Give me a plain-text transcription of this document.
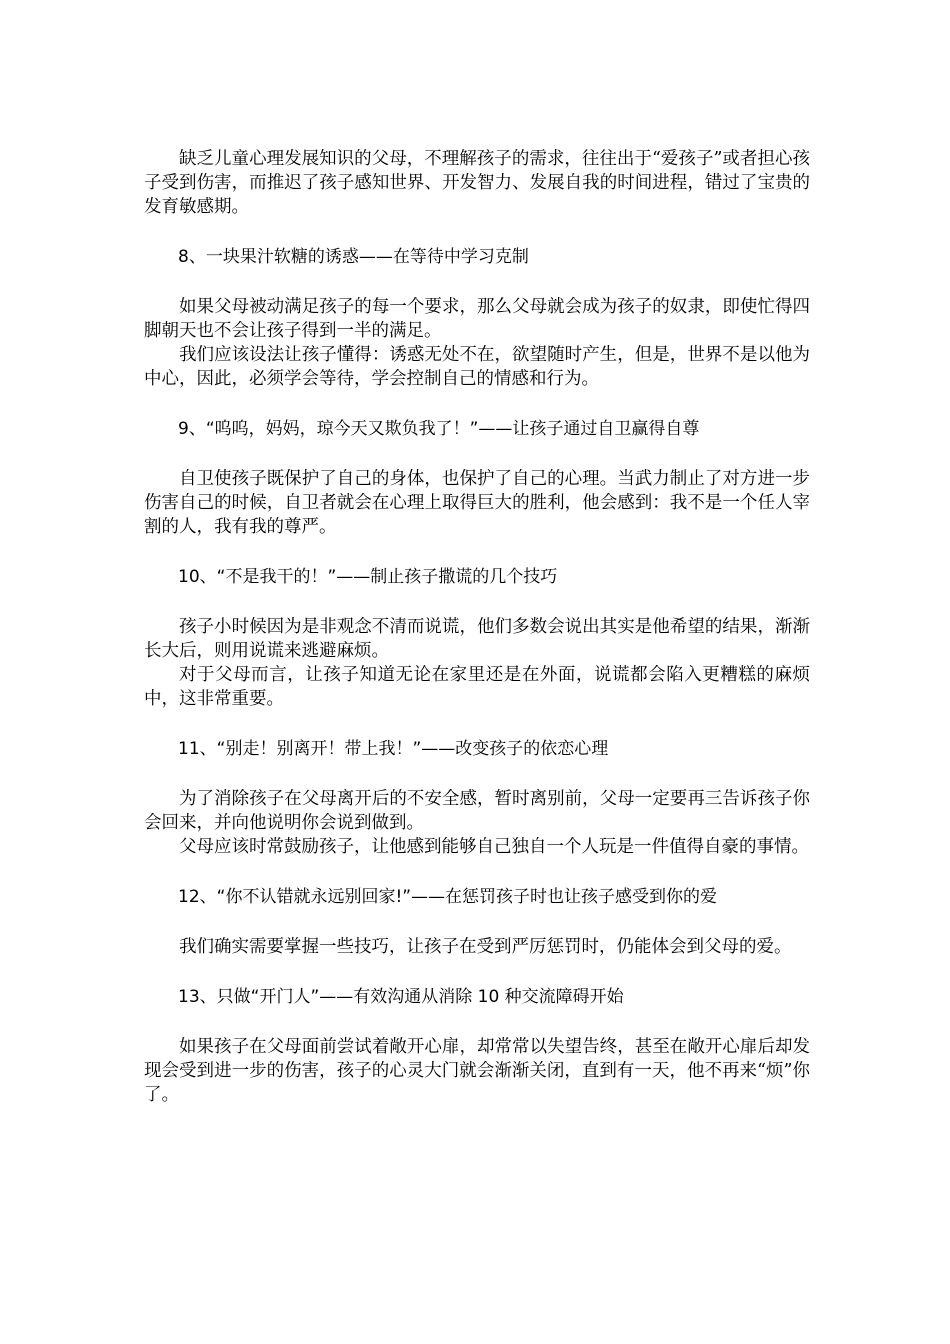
缺乏儿童心理发展知识的父母，不理解孩子的需求，往往出于“爱孩子”或者担心孩子受到伤害，而推迟了孩子感知世界、开发智力、发展自我的时间进程，错过了宝贵的发育敏感期。

8、一块果汁软糖的诱惑——在等待中学习克制

如果父母被动满足孩子的每一个要求，那么父母就会成为孩子的奴隶，即使忙得四脚朝天也不会让孩子得到一半的满足。

我们应该设法让孩子懂得：诱惑无处不在，欲望随时产生，但是，世界不是以他为中心，因此，必须学会等待，学会控制自己的情感和行为。

9、“呜呜，妈妈，琼今天又欺负我了！”——让孩子通过自卫赢得自尊

自卫使孩子既保护了自己的身体，也保护了自己的心理。当武力制止了对方进一步伤害自己的时候，自卫者就会在心理上取得巨大的胜利，他会感到：我不是一个任人宰割的人，我有我的尊严。

10、“不是我干的！”——制止孩子撒谎的几个技巧

孩子小时候因为是非观念不清而说谎，他们多数会说出其实是他希望的结果，渐渐长大后，则用说谎来逃避麻烦。

对于父母而言，让孩子知道无论在家里还是在外面，说谎都会陷入更糟糕的麻烦中，这非常重要。

11、“别走！别离开！带上我！”——改变孩子的依恋心理

为了消除孩子在父母离开后的不安全感，暂时离别前，父母一定要再三告诉孩子你会回来，并向他说明你会说到做到。

父母应该时常鼓励孩子，让他感到能够自己独自一个人玩是一件值得自豪的事情。

12、“你不认错就永远别回家!”——在惩罚孩子时也让孩子感受到你的爱

我们确实需要掌握一些技巧，让孩子在受到严厉惩罚时，仍能体会到父母的爱。

13、只做“开门人”——有效沟通从消除 10 种交流障碍开始

如果孩子在父母面前尝试着敞开心扉，却常常以失望告终，甚至在敞开心扉后却发现会受到进一步的伤害，孩子的心灵大门就会渐渐关闭，直到有一天，他不再来“烦”你了。
